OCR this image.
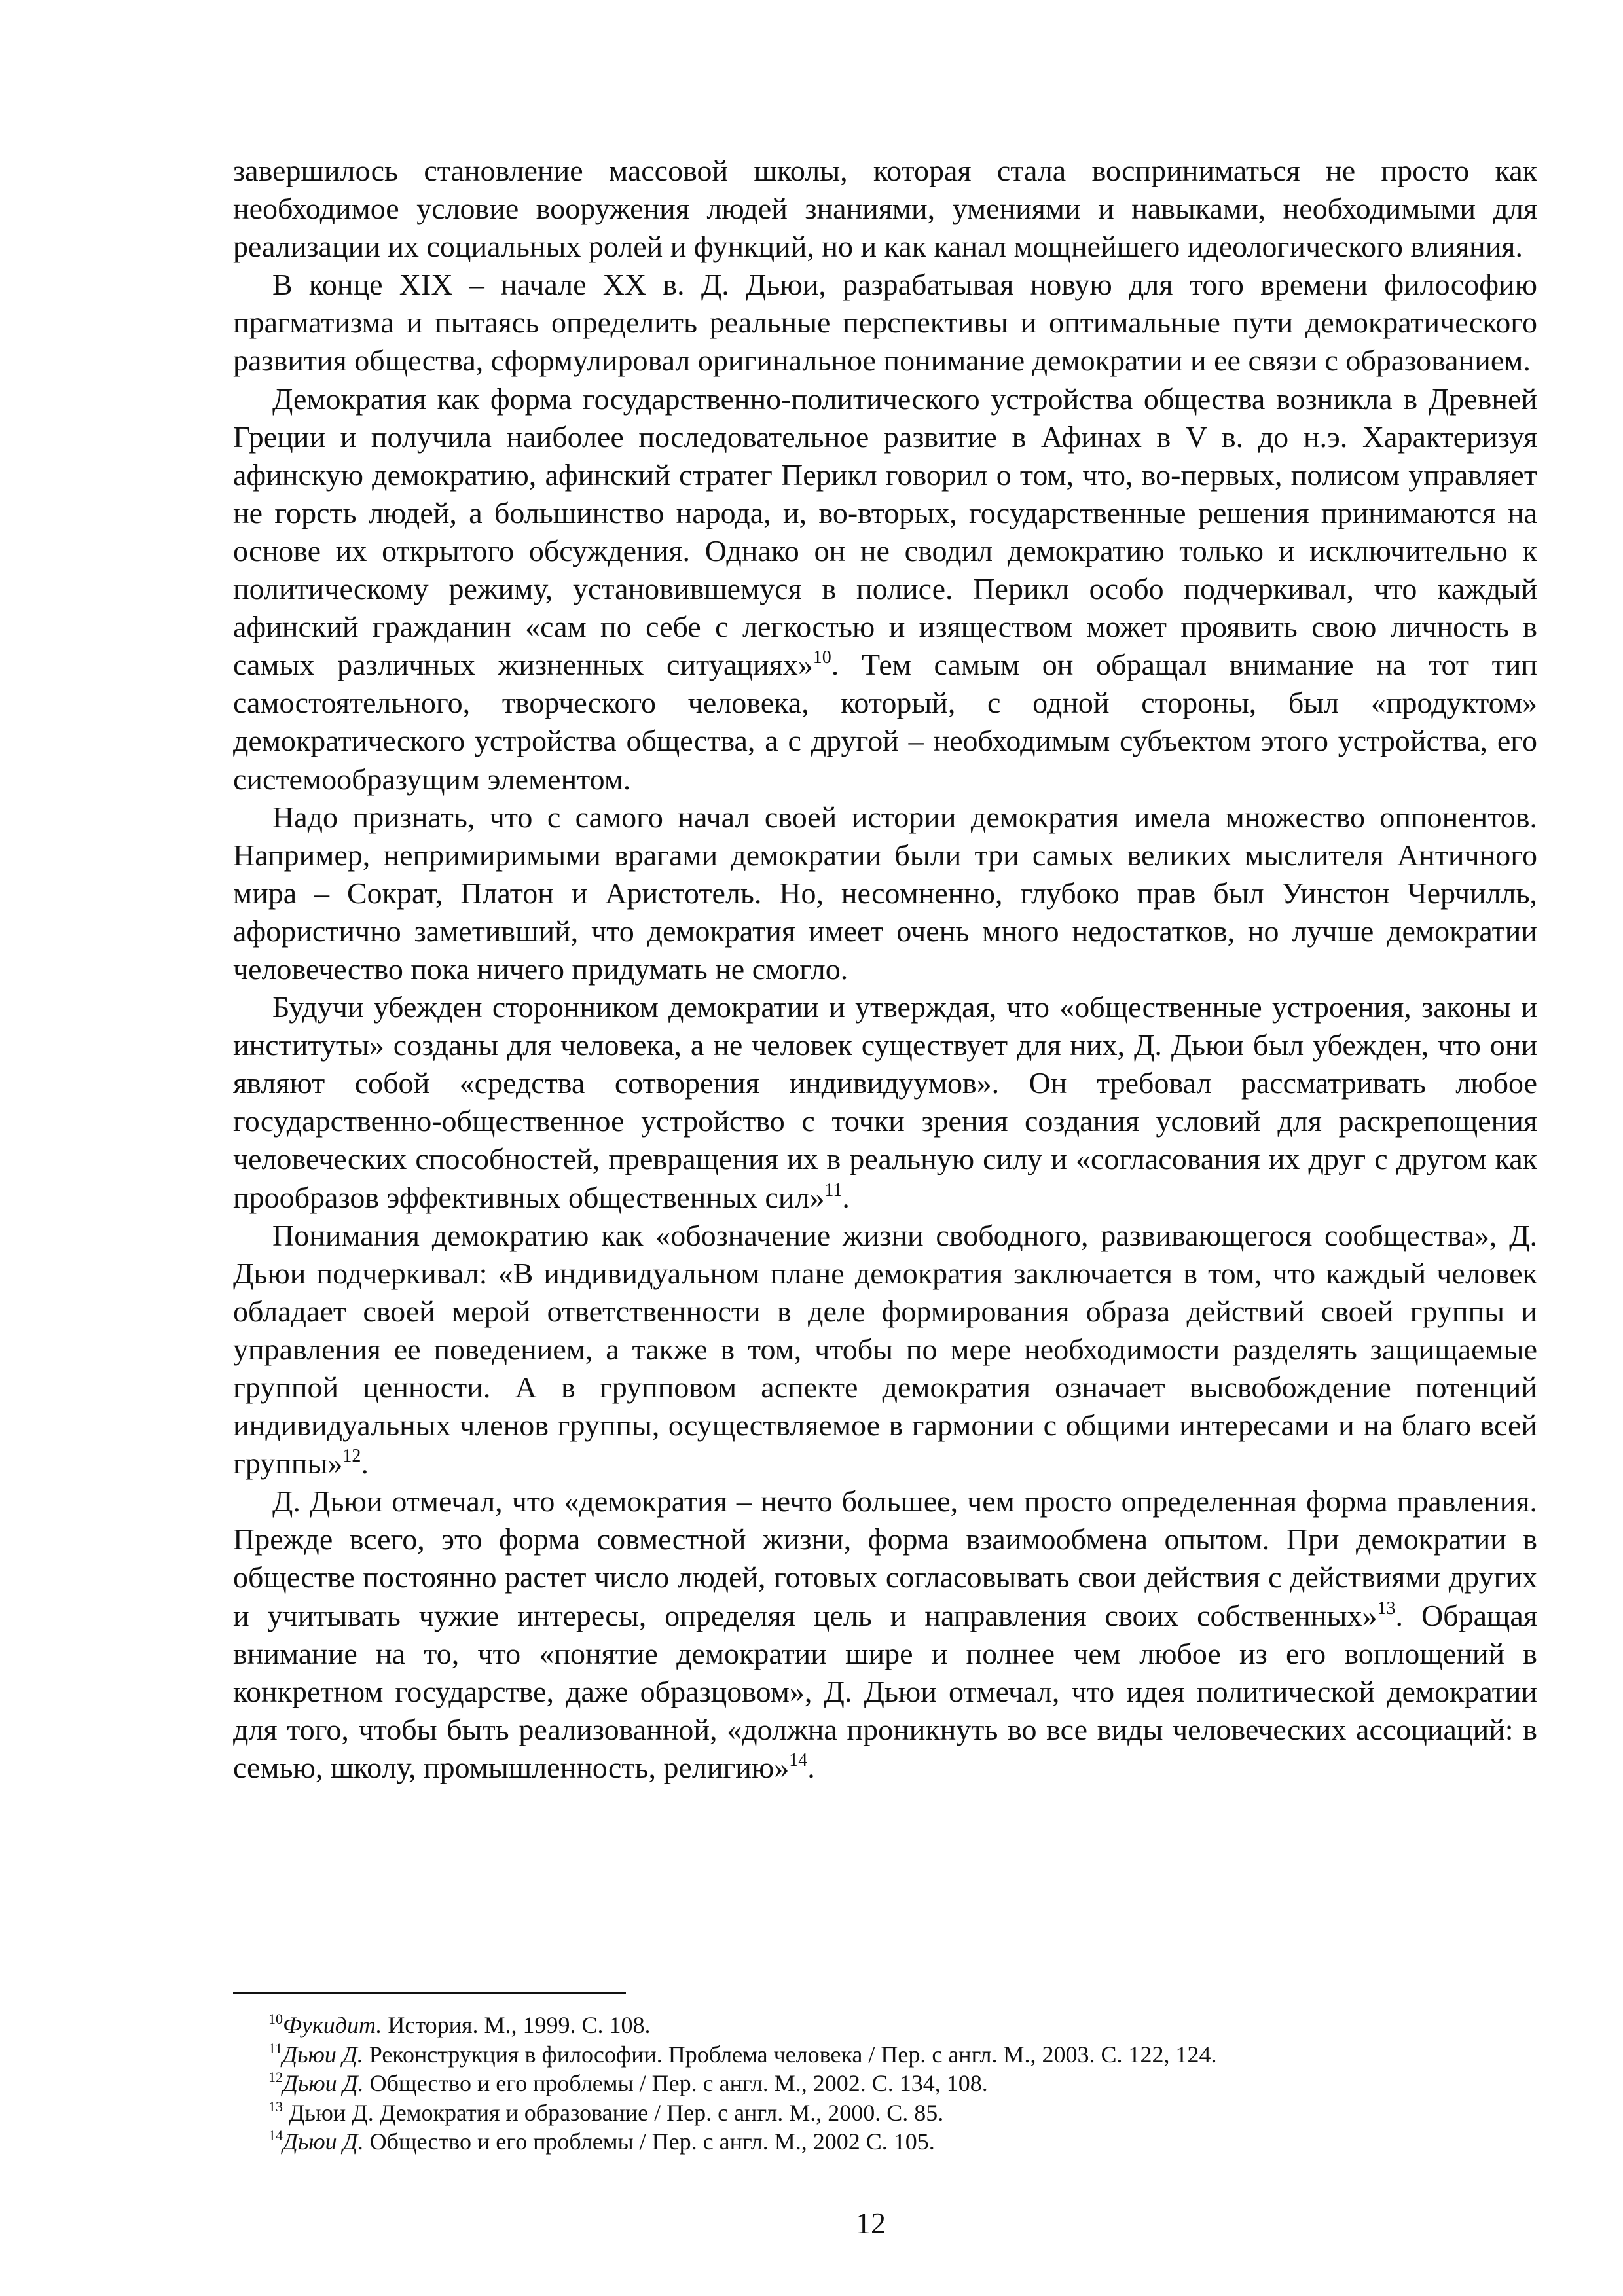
завершилось становление массовой школы, которая стала восприниматься не просто как необходимое условие вооружения людей знаниями, умениями и навыками, необходимыми для реализации их социальных ролей и функций, но и как канал мощнейшего идеологического влияния.

В конце XIX – начале XX в. Д. Дьюи, разрабатывая новую для того времени философию прагматизма и пытаясь определить реальные перспективы и оптимальные пути демократического развития общества, сформулировал оригинальное понимание демократии и ее связи с образованием.

Демократия как форма государственно-политического устройства общества возникла в Древней Греции и получила наиболее последовательное развитие в Афинах в V в. до н.э. Характеризуя афинскую демократию, афинский стратег Перикл говорил о том, что, во-первых, полисом управляет не горсть людей, а большинство народа, и, во-вторых, государственные решения принимаются на основе их открытого обсуждения. Однако он не сводил демократию только и исключительно к политическому режиму, установившемуся в полисе. Перикл особо подчеркивал, что каждый афинский гражданин «сам по себе с легкостью и изяществом может проявить свою личность в самых различных жизненных ситуациях»$^{10}$. Тем самым он обращал внимание на тот тип самостоятельного, творческого человека, который, с одной стороны, был «продуктом» демократического устройства общества, а с другой – необходимым субъектом этого устройства, его системообразущим элементом.

Надо признать, что с самого начал своей истории демократия имела множество оппонентов. Например, непримиримыми врагами демократии были три самых великих мыслителя Античного мира – Сократ, Платон и Аристотель. Но, несомненно, глубоко прав был Уинстон Черчилль, афористично заметивший, что демократия имеет очень много недостатков, но лучше демократии человечество пока ничего придумать не смогло.

Будучи убежден сторонником демократии и утверждая, что «общественные устроения, законы и институты» созданы для человека, а не человек существует для них, Д. Дьюи был убежден, что они являют собой «средства сотворения индивидуумов». Он требовал рассматривать любое государственно-общественное устройство с точки зрения создания условий для раскрепощения человеческих способностей, превращения их в реальную силу и «согласования их друг с другом как прообразов эффективных общественных сил»$^{11}$.

Понимания демократию как «обозначение жизни свободного, развивающегося сообщества», Д. Дьюи подчеркивал: «В индивидуальном плане демократия заключается в том, что каждый человек обладает своей мерой ответственности в деле формирования образа действий своей группы и управления ее поведением, а также в том, чтобы по мере необходимости разделять защищаемые группой ценности. А в групповом аспекте демократия означает высвобождение потенций индивидуальных членов группы, осуществляемое в гармонии с общими интересами и на благо всей группы»$^{12}$.

Д. Дьюи отмечал, что «демократия – нечто большее, чем просто определенная форма правления. Прежде всего, это форма совместной жизни, форма взаимообмена опытом. При демократии в обществе постоянно растет число людей, готовых согласовывать свои действия с действиями других и учитывать чужие интересы, определяя цель и направления своих собственных»$^{13}$. Обращая внимание на то, что «понятие демократии шире и полнее чем любое из его воплощений в конкретном государстве, даже образцовом», Д. Дьюи отмечал, что идея политической демократии для того, чтобы быть реализованной, «должна проникнуть во все виды человеческих ассоциаций: в семью, школу, промышленность, религию»$^{14}$.

$^{10}$Фукидит. История. М., 1999. С. 108.

$^{11}$Дьюи Д. Реконструкция в философии. Проблема человека / Пер. с англ. М., 2003. С. 122, 124.

$^{12}$Дьюи Д. Общество и его проблемы / Пер. с англ. М., 2002. С. 134, 108.

$^{13}$ Дьюи Д. Демократия и образование / Пер. с англ. М., 2000. С. 85.

$^{14}$Дьюи Д. Общество и его проблемы / Пер. с англ. М., 2002 С. 105.

12
